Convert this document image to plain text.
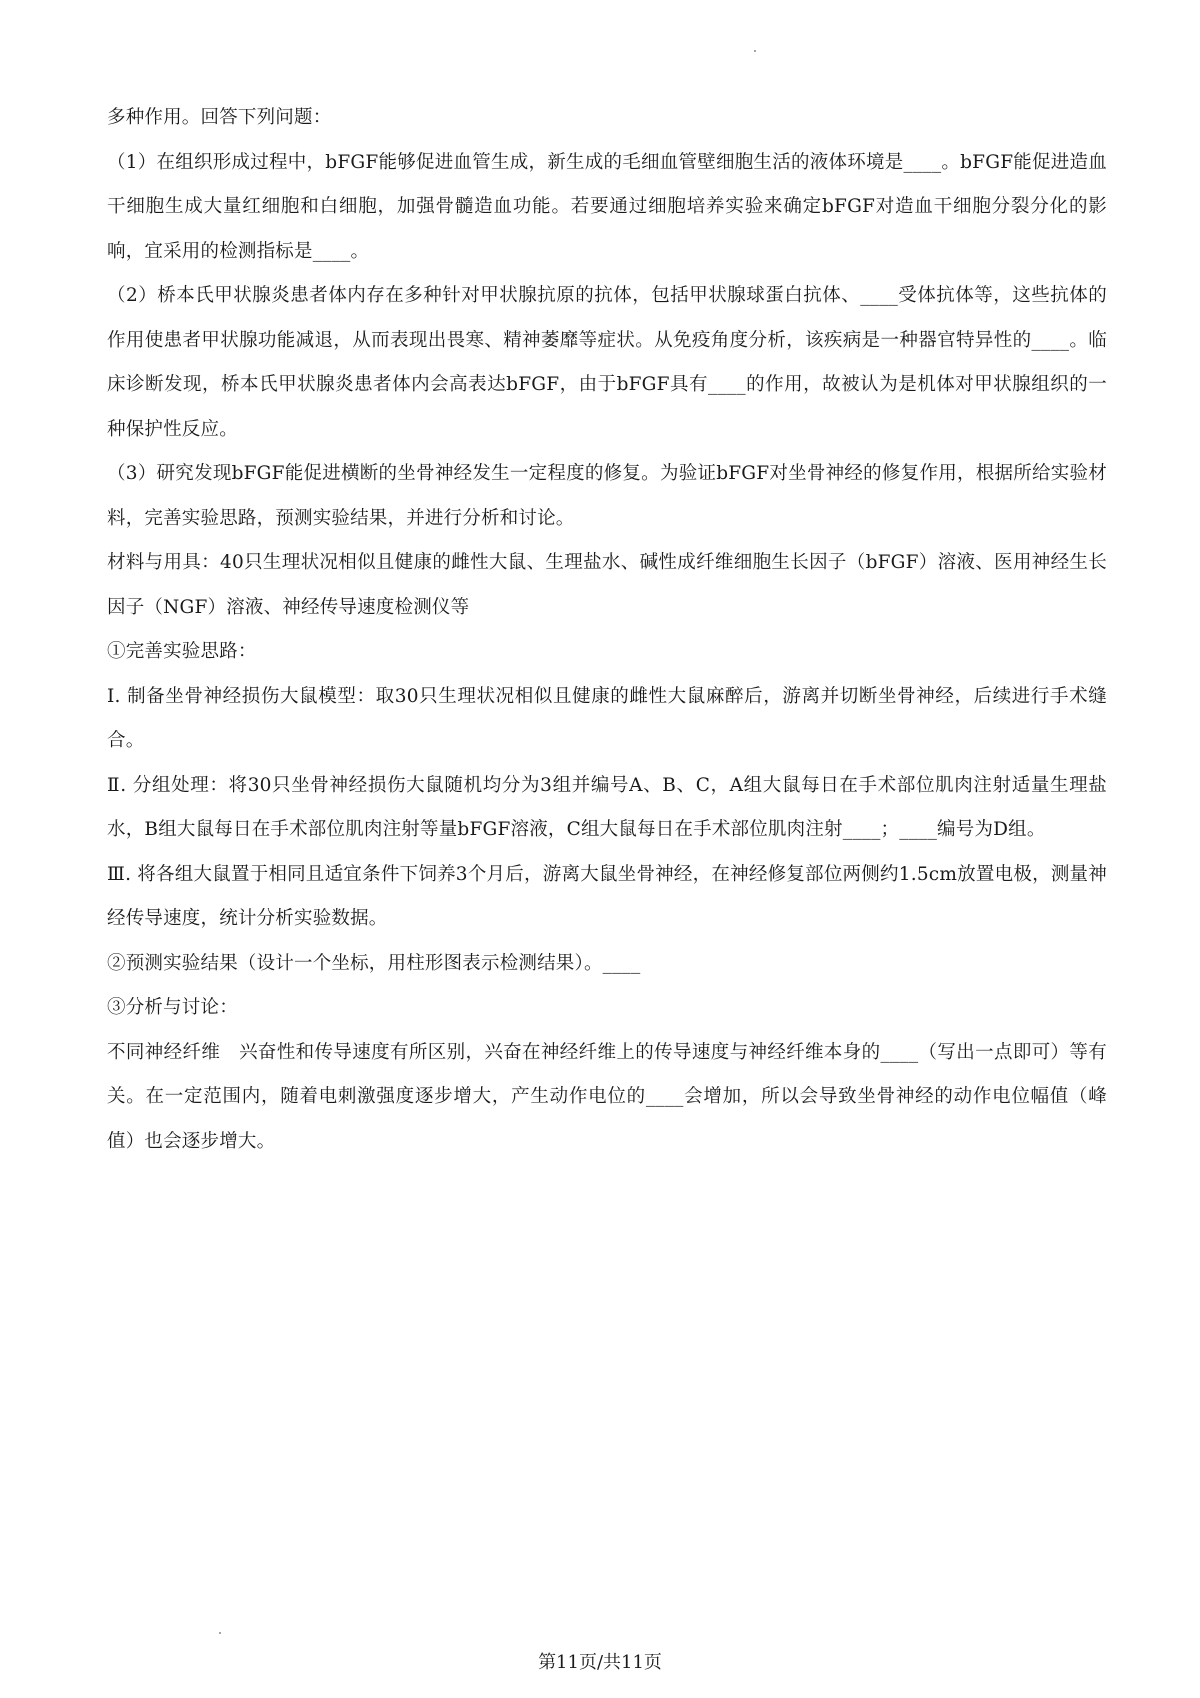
多种作用。回答下列问题：

（1）在组织形成过程中，bFGF能够促进血管生成，新生成的毛细血管壁细胞生活的液体环境是____。bFGF能促进造血干细胞生成大量红细胞和白细胞，加强骨髓造血功能。若要通过细胞培养实验来确定bFGF对造血干细胞分裂分化的影响，宜采用的检测指标是____。

（2）桥本氏甲状腺炎患者体内存在多种针对甲状腺抗原的抗体，包括甲状腺球蛋白抗体、____受体抗体等，这些抗体的作用使患者甲状腺功能减退，从而表现出畏寒、精神萎靡等症状。从免疫角度分析，该疾病是一种器官特异性的____。临床诊断发现，桥本氏甲状腺炎患者体内会高表达bFGF，由于bFGF具有____的作用，故被认为是机体对甲状腺组织的一种保护性反应。

（3）研究发现bFGF能促进横断的坐骨神经发生一定程度的修复。为验证bFGF对坐骨神经的修复作用，根据所给实验材料，完善实验思路，预测实验结果，并进行分析和讨论。

材料与用具：40只生理状况相似且健康的雌性大鼠、生理盐水、碱性成纤维细胞生长因子（bFGF）溶液、医用神经生长因子（NGF）溶液、神经传导速度检测仪等

①完善实验思路：

I. 制备坐骨神经损伤大鼠模型：取30只生理状况相似且健康的雌性大鼠麻醉后，游离并切断坐骨神经，后续进行手术缝合。

Ⅱ. 分组处理：将30只坐骨神经损伤大鼠随机均分为3组并编号A、B、C，A组大鼠每日在手术部位肌肉注射适量生理盐水，B组大鼠每日在手术部位肌肉注射等量bFGF溶液，C组大鼠每日在手术部位肌肉注射____；____编号为D组。

Ⅲ. 将各组大鼠置于相同且适宜条件下饲养3个月后，游离大鼠坐骨神经，在神经修复部位两侧约1.5cm放置电极，测量神经传导速度，统计分析实验数据。

②预测实验结果（设计一个坐标，用柱形图表示检测结果）。____

③分析与讨论：

不同神经纤维　兴奋性和传导速度有所区别，兴奋在神经纤维上的传导速度与神经纤维本身的____（写出一点即可）等有关。在一定范围内，随着电刺激强度逐步增大，产生动作电位的____会增加，所以会导致坐骨神经的动作电位幅值（峰值）也会逐步增大。

第11页/共11页
